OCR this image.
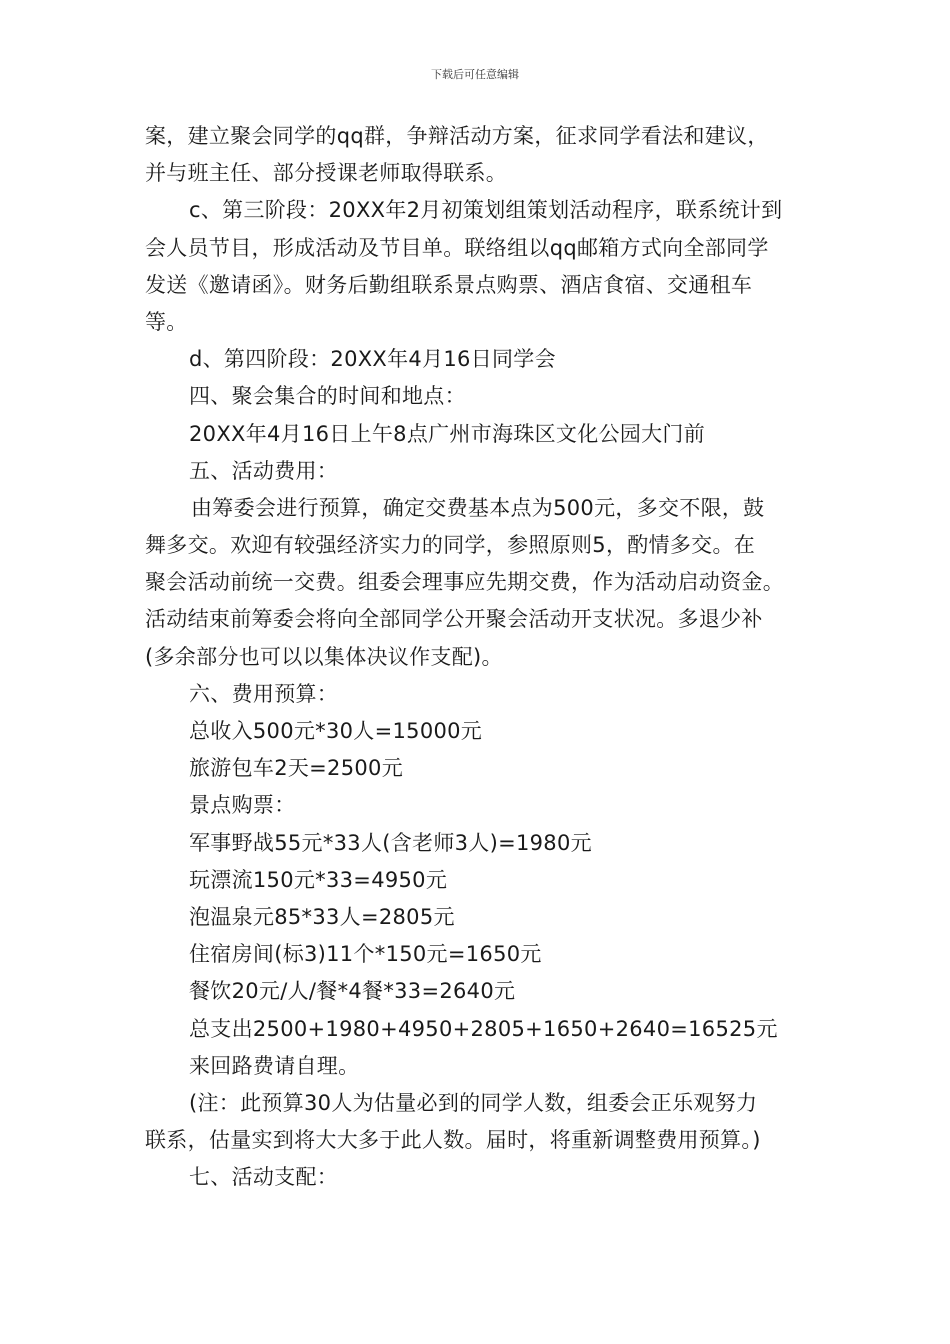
下载后可任意编辑
案，建立聚会同学的qq群，争辩活动方案，征求同学看法和建议，
并与班主任、部分授课老师取得联系。
c、第三阶段：20XX年2月初策划组策划活动程序，联系统计到
会人员节目，形成活动及节目单。联络组以qq邮箱方式向全部同学
发送《邀请函》。财务后勤组联系景点购票、酒店食宿、交通租车
等。
d、第四阶段：20XX年4月16日同学会
四、聚会集合的时间和地点：
20XX年4月16日上午8点广州市海珠区文化公园大门前
五、活动费用：
由筹委会进行预算，确定交费基本点为500元，多交不限，鼓
舞多交。欢迎有较强经济实力的同学，参照原则5，酌情多交。在
聚会活动前统一交费。组委会理事应先期交费，作为活动启动资金。
活动结束前筹委会将向全部同学公开聚会活动开支状况。多退少补
(多余部分也可以以集体决议作支配)。
六、费用预算：
总收入500元*30人=15000元
旅游包车2天=2500元
景点购票：
军事野战55元*33人(含老师3人)=1980元
玩漂流150元*33=4950元
泡温泉元85*33人=2805元
住宿房间(标3)11个*150元=1650元
餐饮20元/人/餐*4餐*33=2640元
总支出2500+1980+4950+2805+1650+2640=16525元
来回路费请自理。
(注：此预算30人为估量必到的同学人数，组委会正乐观努力
联系，估量实到将大大多于此人数。届时，将重新调整费用预算。)
七、活动支配：
